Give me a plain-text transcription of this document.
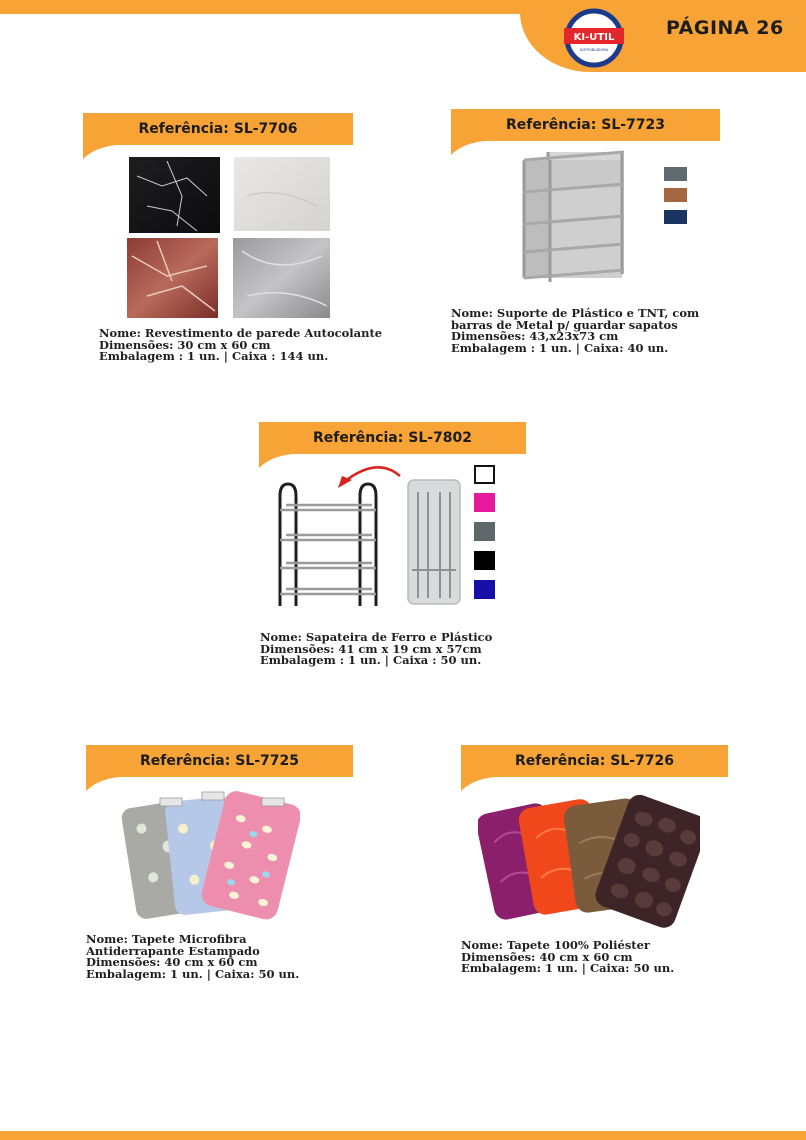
KI-UTIL
DISTRIBUIDORA
PÁGINA 26
Referência: SL-7706
Nome: Revestimento de parede Autocolante
Dimensões: 30 cm x 60 cm
Embalagem : 1 un. | Caixa : 144 un.
Referência: SL-7723
Nome: Suporte de Plástico e TNT, com
barras de Metal p/ guardar sapatos
Dimensões: 43,x23x73 cm
Embalagem : 1 un. | Caixa: 40 un.
Referência: SL-7802
Nome: Sapateira de Ferro e Plástico
Dimensões: 41 cm x 19 cm x 57cm
Embalagem : 1 un. | Caixa : 50 un.
Referência: SL-7725
Nome: Tapete Microfibra
Antiderrapante Estampado
Dimensões: 40 cm x 60 cm
Embalagem: 1 un. | Caixa: 50 un.
Referência: SL-7726
Nome: Tapete 100% Poliéster
Dimensões: 40 cm x 60 cm
Embalagem: 1 un. | Caixa: 50 un.
